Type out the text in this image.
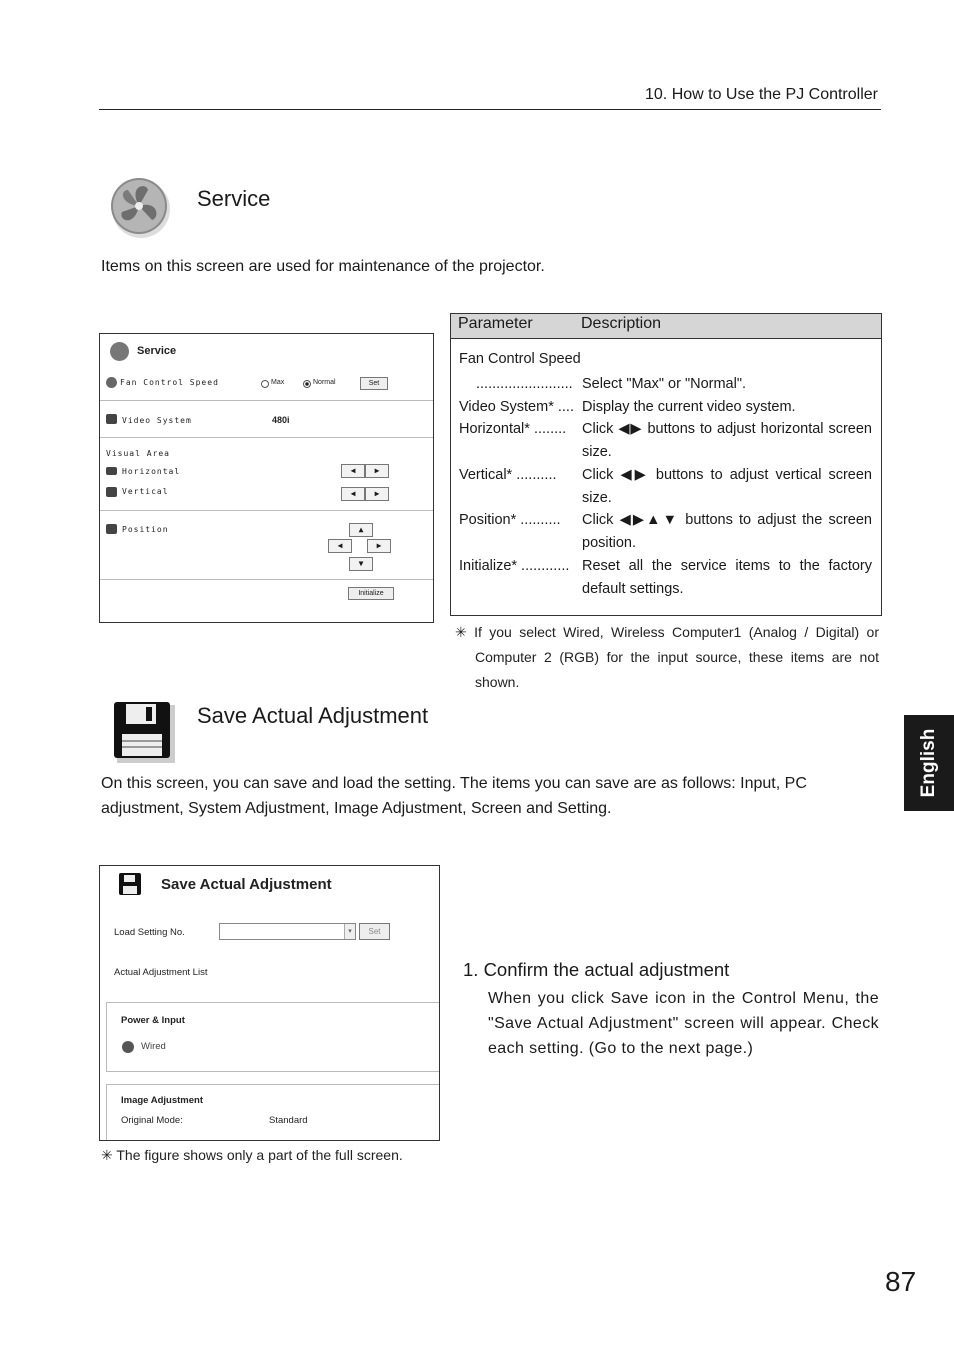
10. How to Use the PJ Controller
Service
Items on this screen are used for maintenance of the projector.
Service
Fan Control Speed	Max	Normal	Set
Video System	480i
Visual Area
Horizontal	◀	▶
Vertical	◀	▶
Position	▲
◀	▶
▼
Initialize
Parameter	Description
Fan Control Speed
........................ Select "Max" or "Normal".
Video System* .... Display the current video system.
Horizontal* ........ Click ◀▶ buttons to adjust horizontal screen size.
Vertical* .......... Click ◀▶ buttons to adjust vertical screen size.
Position* .......... Click ◀▶▲▼ buttons to adjust the screen position.
Initialize* ............ Reset all the service items to the factory default settings.
✳ If you select Wired, Wireless Computer1 (Analog / Digital) or Computer 2 (RGB) for the input source, these items are not shown.
Save Actual Adjustment
On this screen, you can save and load the setting. The items you can save are as follows: Input, PC adjustment, System Adjustment, Image Adjustment, Screen and Setting.
Save Actual Adjustment
Load Setting No.	▾	Set
Actual Adjustment List
Power & Input
Wired
Image Adjustment
Original Mode:	Standard
✳ The figure shows only a part of the full screen.
1. Confirm the actual adjustment
When you click Save icon in the Control Menu, the "Save Actual Adjustment" screen will appear. Check each setting. (Go to the next page.)
English
87
